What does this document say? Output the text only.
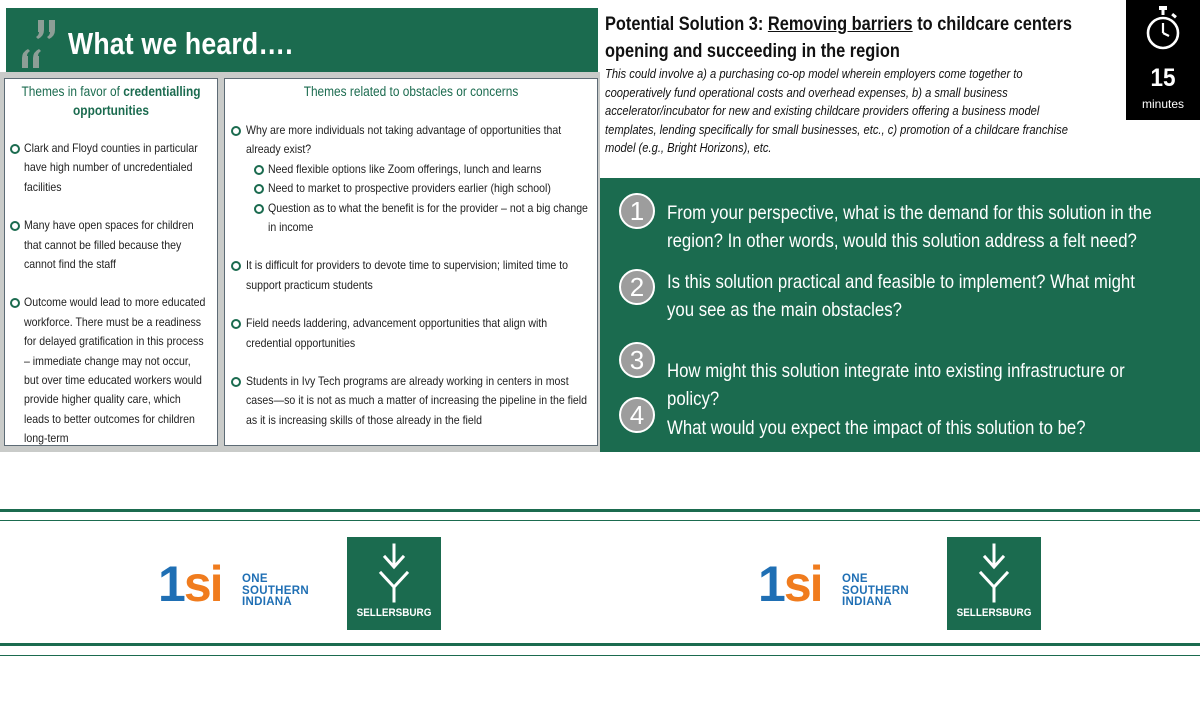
What we heard….
Themes in favor of credentialling opportunities
Clark and Floyd counties in particular have high number of uncredentialed facilities
Many have open spaces for children that cannot be filled because they cannot find the staff
Outcome would lead to more educated workforce. There must be a readiness for delayed gratification in this process – immediate change may not occur, but over time educated workers would provide higher quality care, which leads to better outcomes for children long-term
Themes related to obstacles or concerns
Why are more individuals not taking advantage of opportunities that already exist?
Need flexible options like Zoom offerings, lunch and learns
Need to market to prospective providers earlier (high school)
Question as to what the benefit is for the provider – not a big change in income
It is difficult for providers to devote time to supervision; limited time to support practicum students
Field needs laddering, advancement opportunities that align with credential opportunities
Students in Ivy Tech programs are already working in centers in most cases—so it is not as much a matter of increasing the pipeline in the field as it is increasing skills of those already in the field
Potential Solution 3: Removing barriers to childcare centers opening and succeeding in the region
This could involve a) a purchasing co-op model wherein employers come together to cooperatively fund operational costs and overhead expenses, b) a small business accelerator/incubator for new and existing childcare providers offering a business model templates, lending specifically for small businesses, etc., c) promotion of a childcare franchise model (e.g., Bright Horizons), etc.
15
minutes
1	From your perspective, what is the demand for this solution in the region? In other words, would this solution address a felt need?
2	Is this solution practical and feasible to implement? What might you see as the main obstacles?
3	How might this solution integrate into existing infrastructure or policy?
4	What would you expect the impact of this solution to be?
1si ONE
SOUTHERN
INDIANA
SELLERSBURG
1si ONE
SOUTHERN
INDIANA
SELLERSBURG
